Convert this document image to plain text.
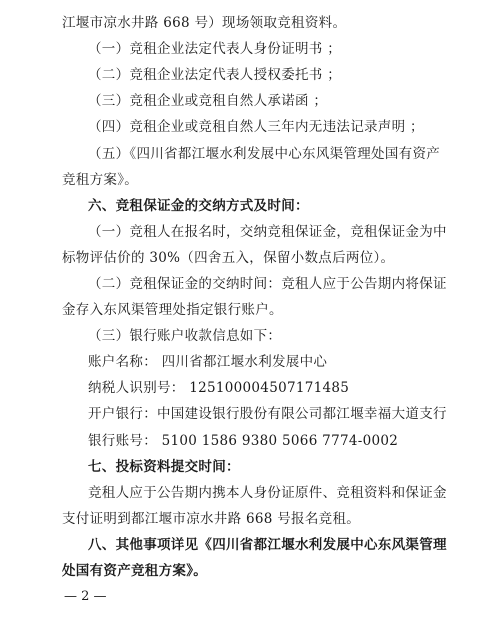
江堰市凉水井路 668 号）现场领取竞租资料。
（一）竞租企业法定代表人身份证明书 ；
（二）竞租企业法定代表人授权委托书 ；
（三）竞租企业或竞租自然人承诺函 ；
（四）竞租企业或竞租自然人三年内无违法记录声明 ；
（五）《四川省都江堰水利发展中心东风渠管理处国有资产
竞租方案》。
六、竞租保证金的交纳方式及时间：
（一）竞租人在报名时，交纳竞租保证金，竞租保证金为中
标物评估价的 30%（四舍五入，保留小数点后两位）。
（二）竞租保证金的交纳时间：竞租人应于公告期内将保证
金存入东风渠管理处指定银行账户。
（三）银行账户收款信息如下：
账户名称： 四川省都江堰水利发展中心
纳税人识别号： 125100004507171485
开户银行：中国建设银行股份有限公司都江堰幸福大道支行
银行账号： 5100 1586 9380 5066 7774-0002
七、投标资料提交时间：
竞租人应于公告期内携本人身份证原件、竞租资料和保证金
支付证明到都江堰市凉水井路 668 号报名竞租。
八、其他事项详见《四川省都江堰水利发展中心东风渠管理
处国有资产竞租方案》。
— 2 —
